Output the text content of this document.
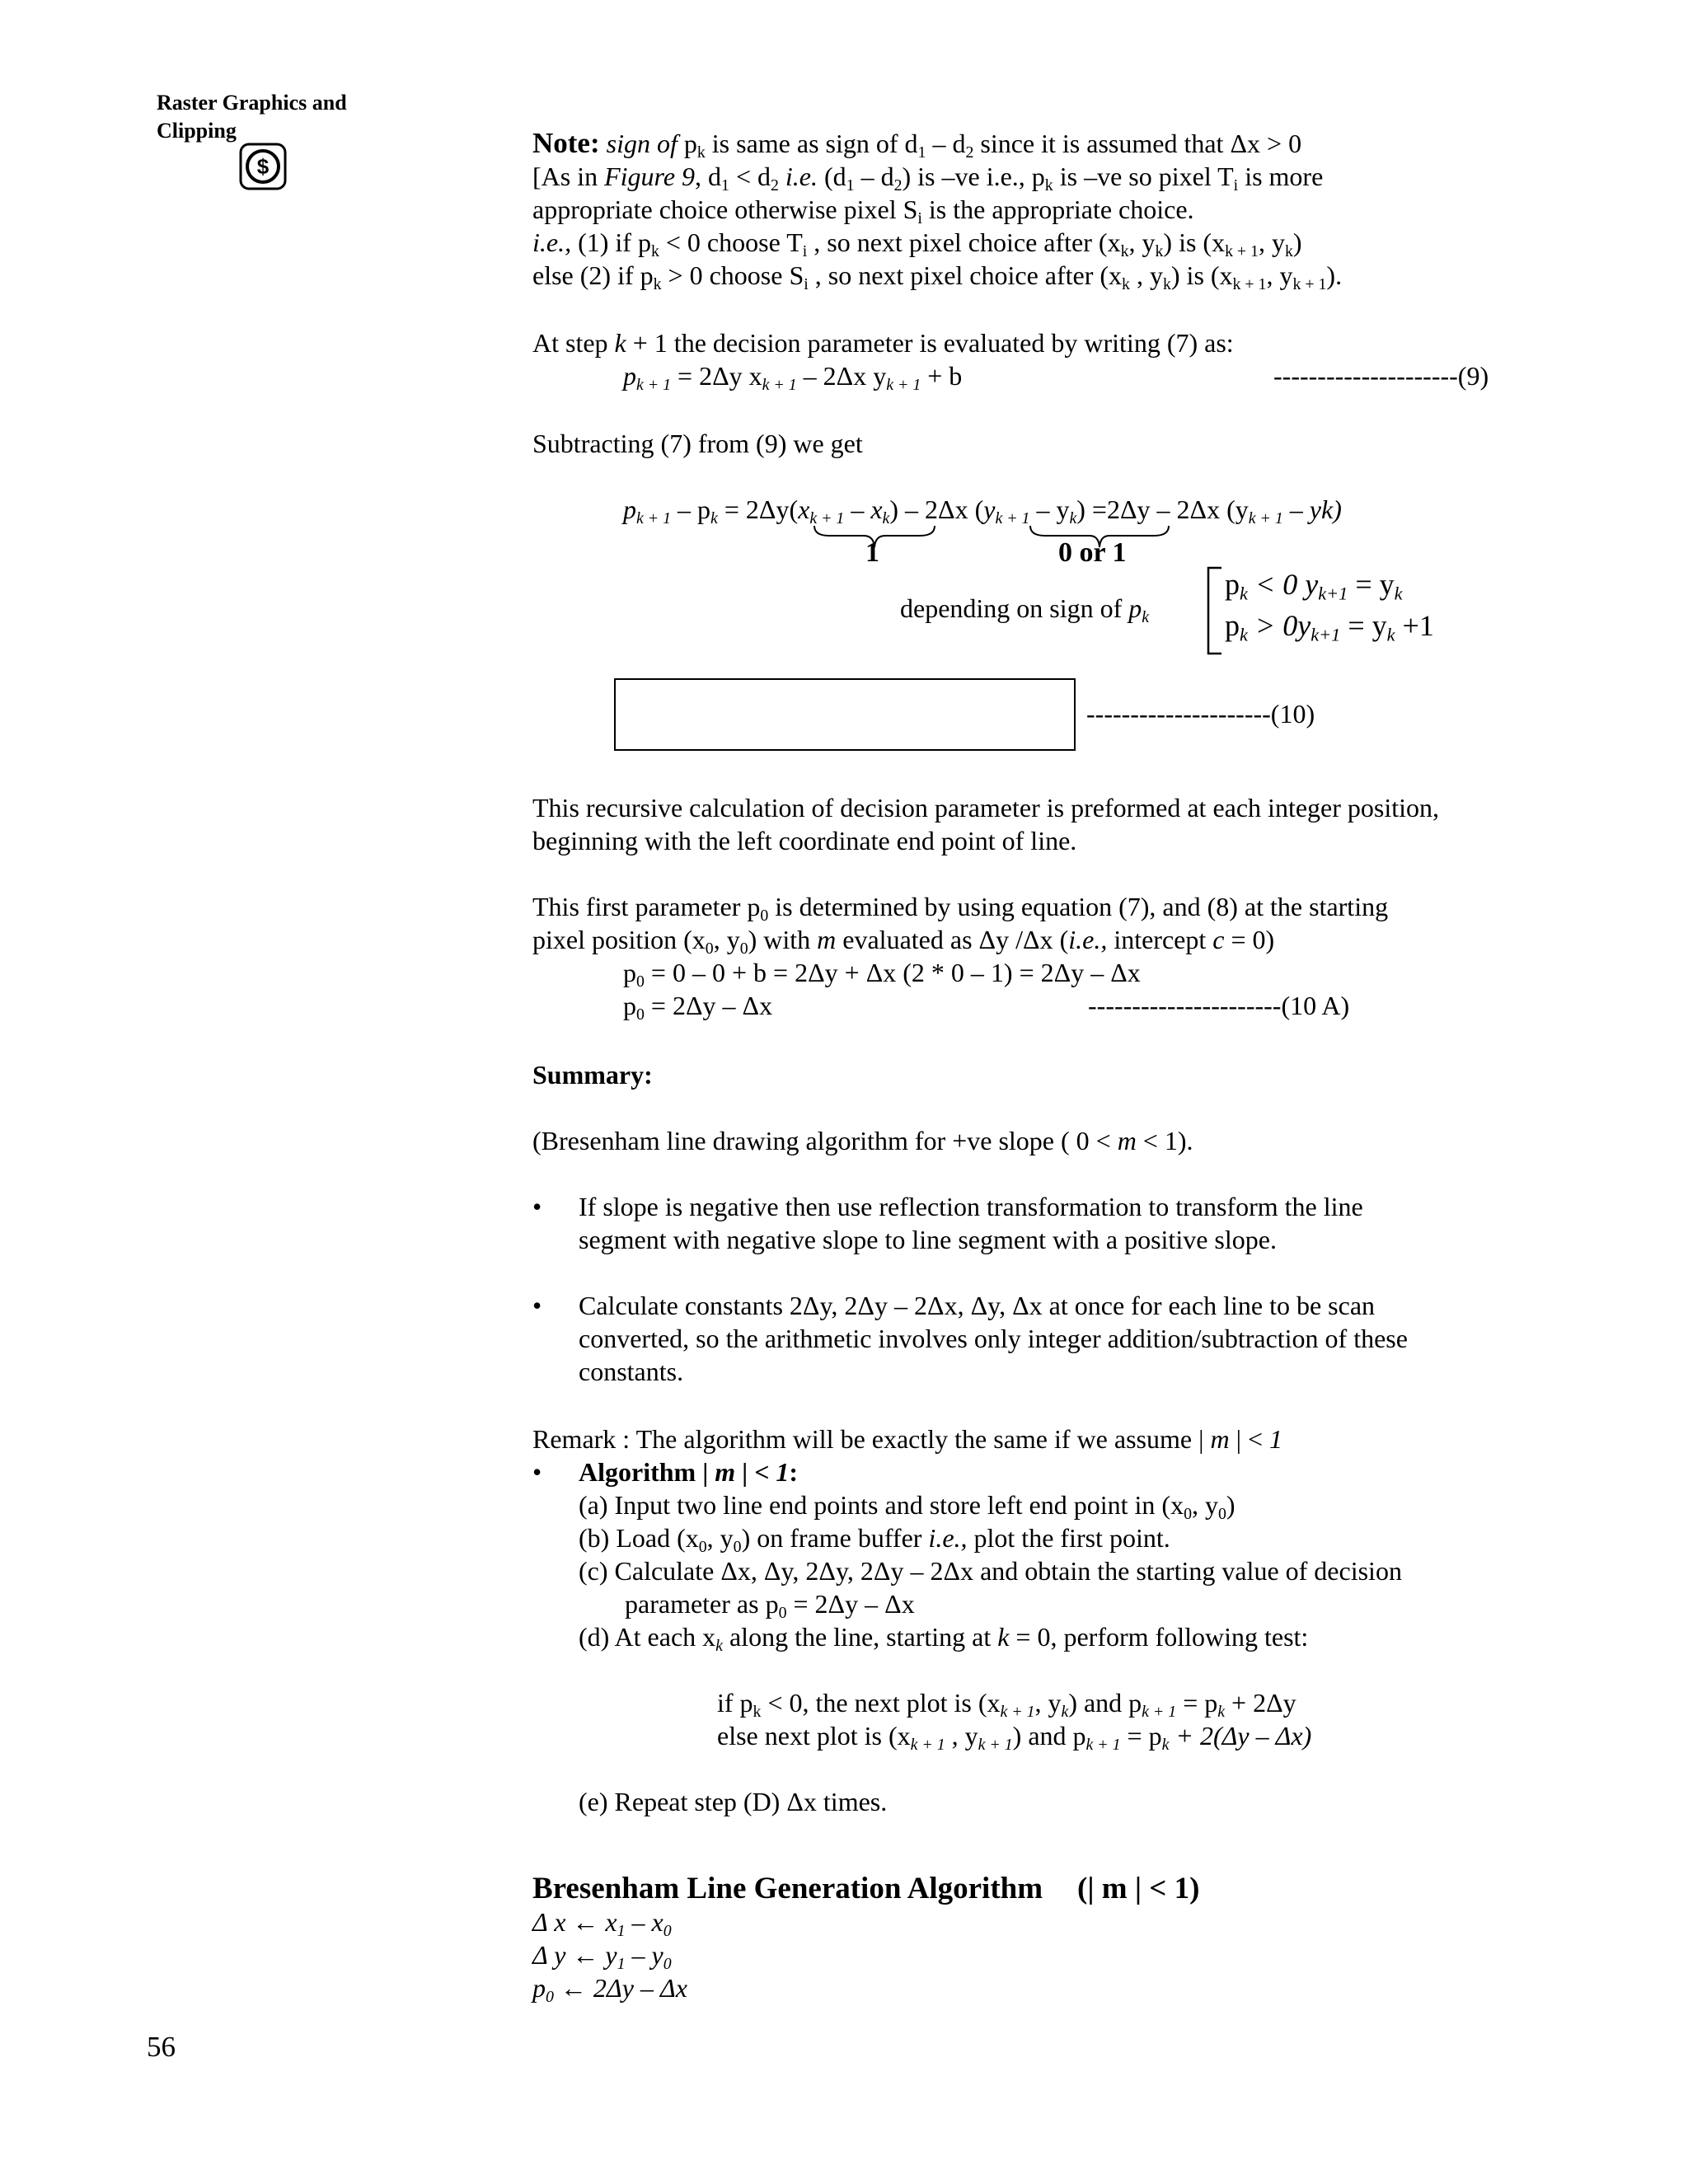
Raster Graphics and
Clipping
$

Note: sign of $p_k$ is same as sign of $d_1 - d_2$ since it is assumed that Δx > 0

[As in Figure 9, $d_1 < d_2$ i.e. $(d_1 - d_2)$ is –ve i.e., $p_k$ is –ve so pixel $T_i$ is more

appropriate choice otherwise pixel $S_i$ is the appropriate choice.

i.e., (1) if $p_k < 0$ choose $T_i$ , so next pixel choice after ($x_k$, $y_k$) is ($x_{k + 1}$, $y_k$)

else (2) if $p_k > 0$ choose $S_i$ , so next pixel choice after ($x_k$ , $y_k$) is ($x_{k + 1}$, $y_{k + 1}$).

At step k + 1 the decision parameter is evaluated by writing (7) as:

$p_{k + 1} = 2\Delta y$ $x_{k + 1} - 2\Delta x$ $y_{k + 1} + b$	---------------------(9)

Subtracting (7) from (9) we get
$p_{k + 1} - p_k = 2\Delta y(x_{k + 1} - x_k) - 2\Delta x$ $(y_{k + 1} - y_k) =2\Delta y - 2\Delta x$ $(y_{k + 1} - yk)$
1	0 or 1
depending on sign of $p_k$
$p_k < 0$ $y_{k+1} = y_k$
$p_k > 0y_{k+1} = y_k +1$
---------------------(10)

This recursive calculation of decision parameter is preformed at each integer position,

beginning with the left coordinate end point of line.

This first parameter $p_0$ is determined by using equation (7), and (8) at the starting

pixel position ($x_0$, $y_0$) with m evaluated as Δy /Δx (i.e., intercept c = 0)

$p_0 = 0 - 0 + b = 2\Delta y + \Delta x$ (2 * 0 – 1) = 2Δy – Δx

$p_0 = 2\Delta y - \Delta x$	----------------------(10 A)

Summary:

(Bresenham line drawing algorithm for +ve slope ( 0 < m < 1).

• If slope is negative then use reflection transformation to transform the line

segment with negative slope to line segment with a positive slope.

• Calculate constants 2Δy, 2Δy – 2Δx, Δy, Δx at once for each line to be scan

converted, so the arithmetic involves only integer addition/subtraction of these

constants.

Remark : The algorithm will be exactly the same if we assume | m | < 1

• Algorithm | m | < 1:

(a) Input two line end points and store left end point in ($x_0$, $y_0$)

(b) Load ($x_0$, $y_0$) on frame buffer i.e., plot the first point.

(c) Calculate Δx, Δy, 2Δy, 2Δy – 2Δx and obtain the starting value of decision

parameter as $p_0 = 2\Delta y - \Delta x$

(d) At each $x_k$ along the line, starting at k = 0, perform following test:

if $p_k < 0$, the next plot is ($x_{k + 1}$, $y_k$) and $p_{k + 1} = p_k + 2\Delta y$

else next plot is ($x_{k + 1}$ , $y_{k + 1}$) and $p_{k + 1} = p_k + 2(\Delta y - \Delta x)$

(e) Repeat step (D) Δx times.

Bresenham Line Generation Algorithm (| m | < 1)

Δ x ← $x_1 - x_0$

Δ y ← $y_1 - y_0$

$p_0$ ← 2Δy – Δx

56
